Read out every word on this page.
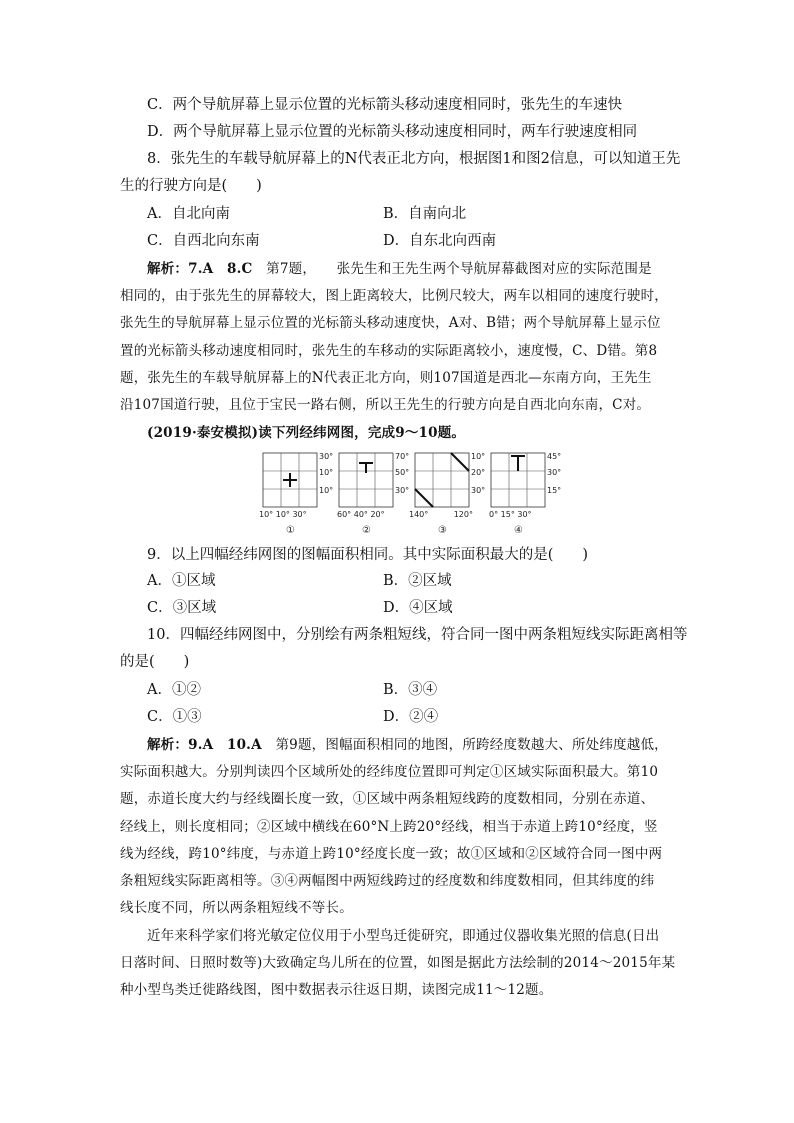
C．两个导航屏幕上显示位置的光标箭头移动速度相同时，张先生的车速快
D．两个导航屏幕上显示位置的光标箭头移动速度相同时，两车行驶速度相同
8．张先生的车载导航屏幕上的N代表正北方向，根据图1和图2信息，可以知道王先
生的行驶方向是(　　)
A．自北向南	B．自南向北
C．自西北向东南	D．自东北向西南
解析：7.A　8.C　 第7题，　　张先生和王先生两个导航屏幕截图对应的实际范围是
相同的，由于张先生的屏幕较大，图上距离较大，比例尺较大，两车以相同的速度行驶时，
张先生的导航屏幕上显示位置的光标箭头移动速度快，A对、B错；两个导航屏幕上显示位
置的光标箭头移动速度相同时，张先生的车移动的实际距离较小，速度慢，C、D错。第8
题，张先生的车载导航屏幕上的N代表正北方向，则107国道是西北—东南方向，王先生
沿107国道行驶，且位于宝民一路右侧，所以王先生的行驶方向是自西北向东南，C对。
(2019·泰安模拟)读下列经纬网图，完成9～10题。
30°
10°
10°
70°
50°
30°
10°
20°
30°
45°
30°
15°
10° 10° 30°	60° 40° 20°	140°          120° 0° 15° 30°
①	②	③	④
9．以上四幅经纬网图的图幅面积相同。其中实际面积最大的是(　　)
A．①区域	B．②区域
C．③区域	D．④区域
10．四幅经纬网图中，分别绘有两条粗短线，符合同一图中两条粗短线实际距离相等
的是(　　)
A．①②	B．③④
C．①③	D．②④
解析：9.A　10.A　 第9题，图幅面积相同的地图，所跨经度数越大、所处纬度越低，
实际面积越大。分别判读四个区域所处的经纬度位置即可判定①区域实际面积最大。第10
题，赤道长度大约与经线圈长度一致，①区域中两条粗短线跨的度数相同，分别在赤道、
经线上，则长度相同；②区域中横线在60°N上跨20°经线，相当于赤道上跨10°经度，竖
线为经线，跨10°纬度，与赤道上跨10°经度长度一致；故①区域和②区域符合同一图中两
条粗短线实际距离相等。③④两幅图中两短线跨过的经度数和纬度数相同，但其纬度的纬
线长度不同，所以两条粗短线不等长。
近年来科学家们将光敏定位仪用于小型鸟迁徙研究，即通过仪器收集光照的信息(日出
日落时间、日照时数等)大致确定鸟儿所在的位置，如图是据此方法绘制的2014～2015年某
种小型鸟类迁徙路线图，图中数据表示往返日期，读图完成11～12题。
